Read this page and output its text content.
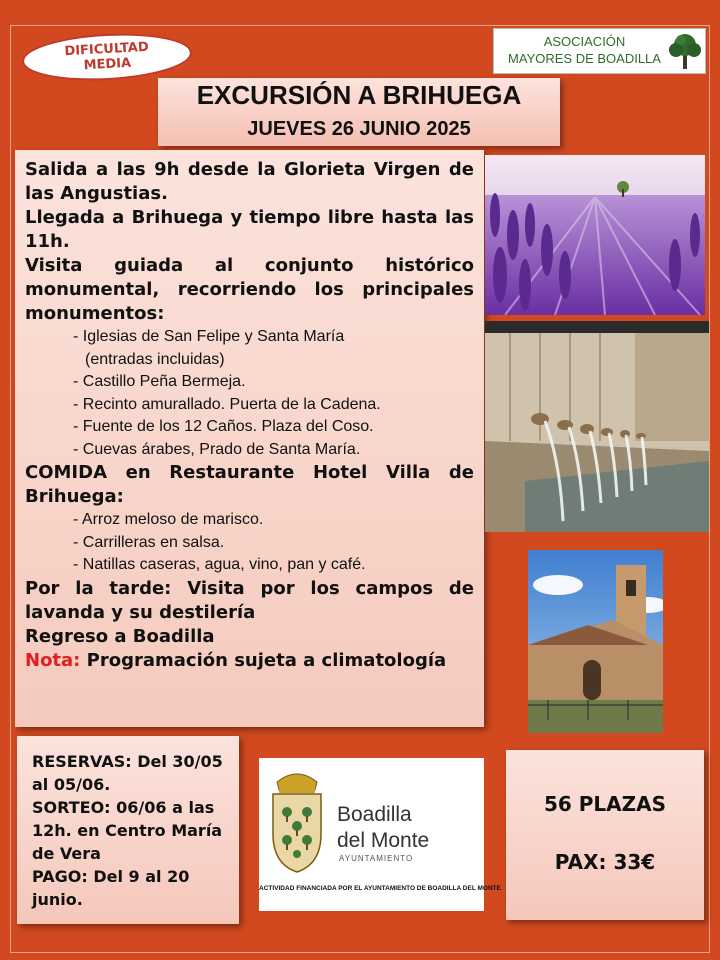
DIFICULTAD
MEDIA
ASOCIACIÓN
MAYORES DE BOADILLA
EXCURSIÓN A BRIHUEGA
JUEVES 26 JUNIO 2025
Salida a las 9h desde la Glorieta Virgen de las Angustias.
Llegada a Brihuega y tiempo libre hasta las 11h.
Visita guiada al conjunto histórico monumental, recorriendo los principales monumentos:
- Iglesias de San Felipe y Santa María
(entradas incluidas)
- Castillo Peña Bermeja.
- Recinto amurallado. Puerta de la Cadena.
- Fuente de los 12 Caños. Plaza del Coso.
- Cuevas árabes, Prado de Santa María.
COMIDA en Restaurante Hotel Villa de Brihuega:
- Arroz meloso de marisco.
- Carrilleras en salsa.
- Natillas caseras, agua, vino, pan y café.
Por la tarde: Visita por los campos de lavanda y su destilería
Regreso a Boadilla
Nota: Programación sujeta a climatología
RESERVAS: Del 30/05 al 05/06.
SORTEO: 06/06 a las 12h. en Centro María de Vera
PAGO: Del 9 al 20 junio.
Boadilla
del Monte
AYUNTAMIENTO
ACTIVIDAD FINANCIADA POR EL AYUNTAMIENTO DE BOADILLA DEL MONTE
56 PLAZAS
PAX: 33€
